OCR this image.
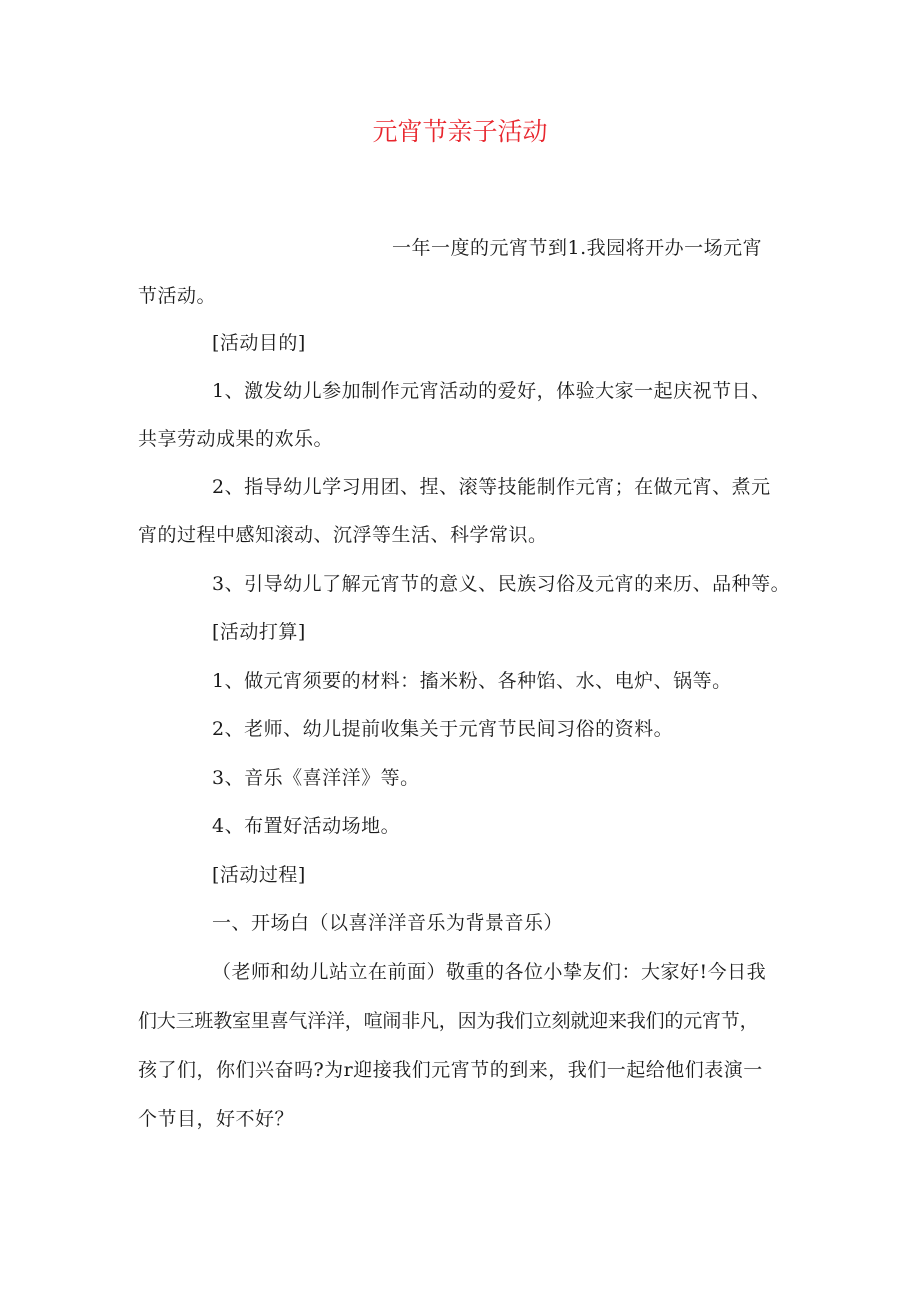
元宵节亲子活动
一年一度的元宵节到1.我园将开办一场元宵
节活动。
[活动目的]
1、激发幼儿参加制作元宵活动的爱好，体验大家一起庆祝节日、
共享劳动成果的欢乐。
2、指导幼儿学习用团、捏、滚等技能制作元宵；在做元宵、煮元
宵的过程中感知滚动、沉浮等生活、科学常识。
3、引导幼儿了解元宵节的意义、民族习俗及元宵的来历、品种等。
[活动打算]
1、做元宵须要的材料：搐米粉、各种馅、水、电炉、锅等。
2、老师、幼儿提前收集关于元宵节民间习俗的资料。
3、音乐《喜洋洋》等。
4、布置好活动场地。
[活动过程]
一、开场白（以喜洋洋音乐为背景音乐）
（老师和幼儿站立在前面）敬重的各位小挚友们：大家好!今日我
们大三班教室里喜气洋洋，喧闹非凡，因为我们立刻就迎来我们的元宵节，
孩了们，你们兴奋吗?为r迎接我们元宵节的到来，我们一起给他们表演一
个节目，好不好？
